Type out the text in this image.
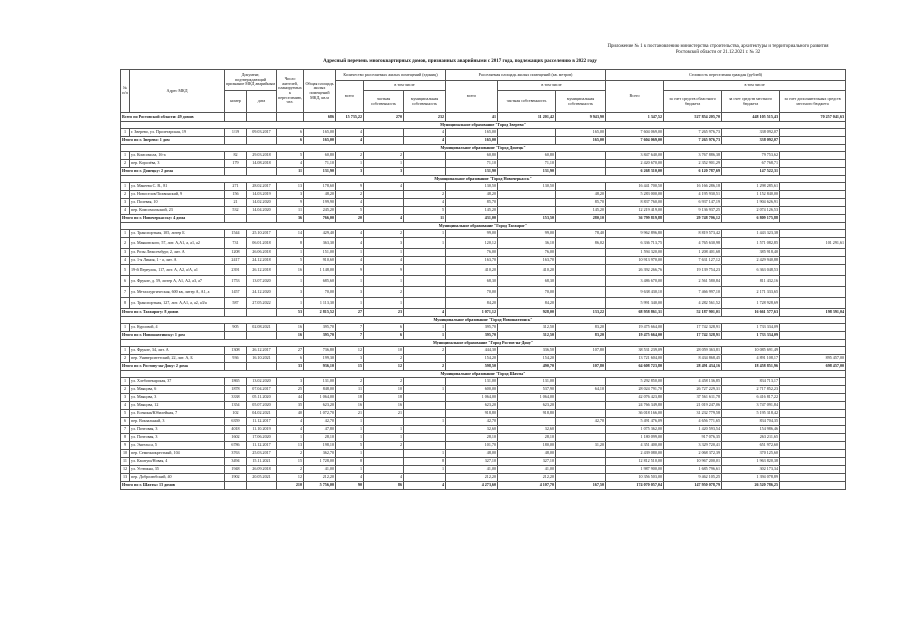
Приложение № 1 к постановлению министерства строительства, архитектуры и территориального развития Ростовской области от 21.12.2021 г. № 32
Адресный перечень многоквартирных домов, признанных аварийными с 2017 года, подлежащих расселению в 2022 году
№ п/п	Адрес МКД	Документ, подтверждающий признание МКД аварийным		Число жителей, планируемых к переселению, чел.	Общая площадь жилых помещений МКД, кв.м	Количество расселяемых жилых помещений (единиц)			Расселяемая площадь жилых помещений (кв. метров)			Стоимость переселения граждан (рублей)				
						всего	в том числе		всего	в том числе		Всего	в том числе			
		номер	дата				частная собственность	муниципальная собственность		частная собственность	муниципальная собственность		за счет средств областного бюджета	за счет средств местного бюджета	за счет дополнительных средств местного бюджета	
Всего по Ростовской области: 49 домов					686	15 735,22	270	232	41	11 201,42	9 943,90	1 347,52	527 854 205,70	448 105 515,43	70 257 041,63	
Муниципальное образование "Город Зверево"																
1	г. Зверево, ул. Пролетарская, 19	1/19	09.03.2017	6	165,00	4		4	165,00		165,00	7 604 069,00	7 265 976,73	338 092,07		
Итого по г. Зверево: 1 дом				6	165,00	4		4	165,00		165,00	7 604 069,00	7 265 976,73	338 092,07		
Муниципальное образование "Город Донецк"																
1	ул. Комсомола, 16-а	82	29.03.2018	5	60,80	2	2		60,80	60,80		3 847 640,00	3 767 886,38	79 753,62		
2	пер. Королёва, 3	179	14.08.2018	4	71,10	1	1		71,10	71,10		2 420 670,00	2 352 901,29	67 768,71		
Итого по г. Донецку: 2 дома				11	131,90	3	3		131,90	131,90		6 268 310,00	6 120 787,69	147 522,31		
Муниципальное образование "Город Новочеркасск"																
1	ул. Макеева С. В., 81	271	28.02.2017	13	178,60	9	4		130,50	130,50		16 441 700,50	16 166 286,18	1 298 285,61		
2	ул. Новоселов/Тихвинский, 9	156	14.03.2019	3	48,20	2		2	48,20		48,20	5 283 000,00	4 195 930,51	1 152 840,00		
3	ул. Полевая, 10	21	14.02.2020	9	199,90	4		4	85,70		85,70	8 837 760,00	6 937 147,19	1 904 626,91		
4	пер. Комсомольский, 23	532	14.04.2020	11	245,20	5		5	145,20		145,20	12 219 419,00	9 136 937,25	2 074 126,53		
Итого по г. Новочеркасску: 4 дома				36	766,00	20	4	11	431,00	153,50	280,10	36 799 819,88	29 748 706,12	6 809 175,88		
Муниципальное образование "Город Таганрог"																
1	ул. Транспортная, 105, литер Б	1544	25.10.2017	14	429,40	4	2	1	99,00	99,00	78,40	9 962 896,80	8 819 573,42	1 443 323,38		
2	ул. Маяковского, 57, лит. А,А1, а, а1, а2	731	06.01.2018	8	363,30	4	3	1	120,12	36,10	86,02	6 336 713,75	4 765 630,98	1 571 082,85	101 291,61	
3	ул. Розы Люксембург, 2, лит. А	1208	26.06.2018	1	151,00	1	1		76,00	76,00		1 594 320,00	1 208 401,68	385 918,40		
4	ул. 1-я Линия, 1 - а, лит. А	2417	24.12.2018	5	910,60	4	4		163,70	163,70		10 913 970,00	7 631 127,12	2 429 940,88		
5	19-й Переулок, 117, лит. А, А2, а/А, а1	2391	26.12.2018	16	1 148,00	9	9		410,20	410,20		26 392 266,76	19 139 754,23	6 363 048,53		
6	ул. Фрунзе, д. 59, литер А, А1, А2, а3, а7	1753	13.07.2020	1	685,60	1	1		68,30	68,30		3 486 670,00	2 561 580,84	811 432,16		
7	ул. Металлургическая, 600 кв, литер А, А1, а	1457	24.12.2020	3	70,00	3	2		70,00	70,00		9 638 430,10	7 466 997,10	2 171 333,65		
8	ул. Транспортная, 127, лит. А,А1, а, а2, а3/а	587	27.05.2022	1	1 113,30	1	1		84,20	84,20		5 991 340,00	4 282 561,52	1 728 928,69		
Итого по г. Таганрогу: 8 домов				53	2 815,52	27	23	4	1 071,12	928,00	133,22	68 958 861,31	52 187 901,01	16 661 577,63	198 391,04	
Муниципальное образование "Город Новошахтинск"																
1	ул. Курсовой, 4	905	02.08.2021	16	395,70	7	6	1	395,70	312,50	83,20	19 475 664,00	17 742 328,91	1 733 334,09		
Итого по г. Новошахтинску: 1 дом				16	395,70	7	6	1	395,70	312,50	83,20	19 475 664,00	17 742 328,91	1 733 334,09		
Муниципальное образование "Город Ростов-на-Дону"																
1	ул. Фрунзе, 34, лит. А	1308	26.12.2017	27	736,80	12	10	2	444,30	336,50	107,80	38 531 239,09	28 059 363,81	10 085 691,49		
2	пер. Университетский, 22, лит. А, Б	936	16.10.2021	6	199,30	3	2		154,20	154,20		13 721 604,00	8 434 868,45	4 891 108,17	895 457,00	
Итого по г. Ростову-на-Дону: 2 дома				33	936,10	15	12	2	598,50	490,70	107,80	64 608 723,80	28 491 434,16	18 458 851,96	698 457,00	
Муниципальное образование "Город Шахты"																
1	ул. Хлебопекарская, 37	1865	13.02.2020	3	131,00	2	2		131,00	131,00		5 292 850,00	4 458 136,85	834 713,17		
2	ул. Маяцова, 6	1878	07.04.2017	25	848,00	11	10	1	600,00	537,90	64,10	28 024 791,70	26 727 229,31	2 717 852,23		
3	ул. Маяцова, 3	3338	05.11.2020	44	1 064,00	18	18		1 064,00	1 064,00		42 076 423,80	37 561 611,78	6 416 817,22		
4	ул. Маяцова, 12	1354	05.07.2020	35	623,20	16	16		623,20	623,20		24 766 349,80	21 019 247,06	3 747 091,84		
5	ул. Есенина/Юбилейная, 7	102	04.02.2021	40	1 072,70	21	21		918,80	918,80		36 018 166,00	31 232 779,58	5 195 318,42		
6	пер. Вокзальный, 3	6359	11.12.2017	4	42,70	1		1	42,70		42,70	5 491 476,09	4 656 771,65	834 704,35		
7	ул. Почтовая, 3	4018	11.10.2019	4	47,80	1	1		32,60	32,60		1 075 362,00	1 420 593,54	154 986,46		
8	ул. Почтовая, 3	1602	17.06.2020	1	28,10	1	1		28,10	28,10		1 180 099,00	917 076,35	263 211,65		
9	ул. Энгельса, 5	6786	11.12.2017	13	198,10	5	2		101,70	180,00	31,20	4 351 400,00	3 329 720,41	651 972,60		
10	пер. Семичнокрестный, 104	3763	25.03.2017	2	362,70	1		1	48,00	48,00		2 439 080,00	2 068 372,39	370 125,60		
11	ул. Каштуш/Новая, 4	3494	15.11.2021	15	1 728,00	8		8	327,10	327,10		12 812 510,00	10 967 200,01	1 963 820,38		
12	ул. Устюжна, 35	1948	26.09.2018	2	41,00	1		1	41,00	41,00		1 987 900,00	1 685 796,61	302 173,34		
13	пер. Добролюбский, 40	1902	20.05.2021	12	212,20	4	4		212,20	212,20		10 356 503,00	9 462 105,25	1 394 078,89		
Итого по г. Шахты: 13 домов				210	5 756,00	90	86	4	4 273,60	4 107,70	167,50	174 070 057,04	147 950 078,79	26 520 786,25		
